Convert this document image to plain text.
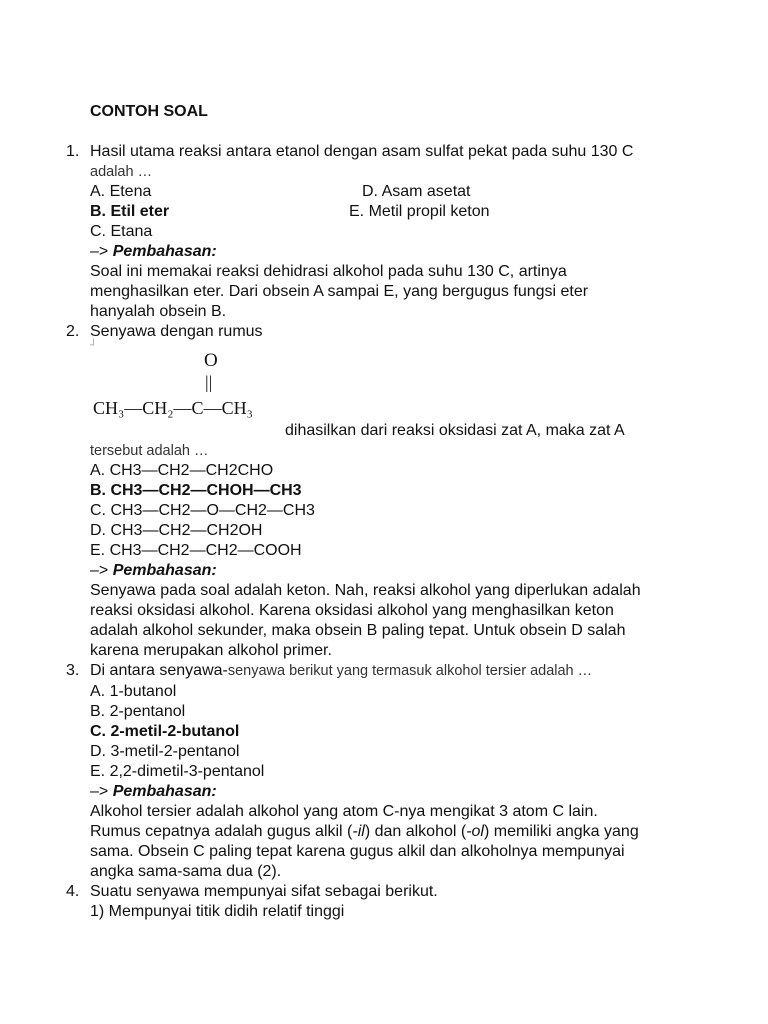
CONTOH SOAL
1. Hasil utama reaksi antara etanol dengan asam sulfat pekat pada suhu 130 C
adalah …
A. Etena	D. Asam asetat
B. Etil eter	E. Metil propil keton
C. Etana
–> Pembahasan:
Soal ini memakai reaksi dehidrasi alkohol pada suhu 130 C, artinya
menghasilkan eter. Dari obsein A sampai E, yang bergugus fungsi eter
hanyalah obsein B.
2. Senyawa dengan rumus
┘
O
||
CH₃—CH₂—C—CH₃
dihasilkan dari reaksi oksidasi zat A, maka zat A
tersebut adalah …
A. CH3—CH2—CH2CHO
B. CH3—CH2—CHOH—CH3
C. CH3—CH2—O—CH2—CH3
D. CH3—CH2—CH2OH
E. CH3—CH2—CH2—COOH
–> Pembahasan:
Senyawa pada soal adalah keton. Nah, reaksi alkohol yang diperlukan adalah
reaksi oksidasi alkohol. Karena oksidasi alkohol yang menghasilkan keton
adalah alkohol sekunder, maka obsein B paling tepat. Untuk obsein D salah
karena merupakan alkohol primer.
3. Di antara senyawa-senyawa berikut yang termasuk alkohol tersier adalah …
A. 1-butanol
B. 2-pentanol
C. 2-metil-2-butanol
D. 3-metil-2-pentanol
E. 2,2-dimetil-3-pentanol
–> Pembahasan:
Alkohol tersier adalah alkohol yang atom C-nya mengikat 3 atom C lain.
Rumus cepatnya adalah gugus alkil (-il) dan alkohol (-ol) memiliki angka yang
sama. Obsein C paling tepat karena gugus alkil dan alkoholnya mempunyai
angka sama-sama dua (2).
4. Suatu senyawa mempunyai sifat sebagai berikut.
1) Mempunyai titik didih relatif tinggi
